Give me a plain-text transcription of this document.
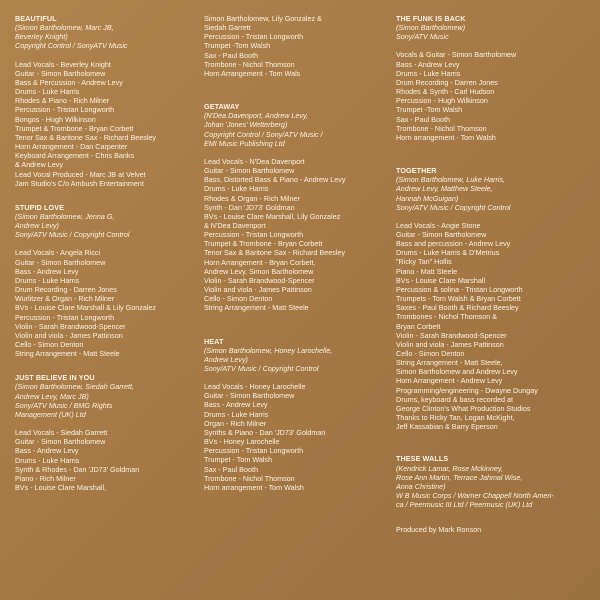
BEAUTIFUL
(Simon Bartholomew, Marc JB,
Beverley Knight)
Copyright Control / SonyATV Music
Lead Vocals - Beverley Knight
Guitar - Simon Bartholomew
Bass & Percussion - Andrew Levy
Drums - Luke Harris
Rhodes & Piano - Rich Milner
Percussion - Tristan Longworth
Bongos - Hugh Wilkinson
Trumpet & Trombone - Bryan Corbett
Tenor Sax & Baritone Sax - Richard Beesley
Horn Arrangement - Dan Carpenter
Keyboard Arrangement - Chris Banks
& Andrew Levy
Lead Vocal Produced - Marc JB at Velvet
Jam Studio's C/o Ambush Entertainment
STUPID LOVE
(Simon Bartholomew, Jenna G,
Andrew Levy)
Sony/ATV Music / Copyright Control
Lead Vocals - Angela Ricci
Guitar - Simon Bartholomew
Bass - Andrew Levy
Drums - Luke Harris
Drum Recording - Darren Jones
Wurlitzer & Organ - Rich Milner
BVs - Louise Clare Marshall & Lily Gonzalez
Percussion - Tristan Longworth
Violin - Sarah Brandwood-Spencer
Violin and viola - James Pattinson
Cello - Simon Denton
String Arrangement - Matt Steele
JUST BELIEVE IN YOU
(Simon Bartholomew, Siedah Garrett,
Andrew Levy, Marc JB)
Sony/ATV Music / BMG Rights
Management (UK) Ltd
Lead Vocals - Siedah Garrett
Guitar - Simon Bartholomew
Bass - Andrew Levy
Drums - Luke Harris
Synth & Rhodes - Dan 'JD73' Goldman
Piano - Rich Milner
BVs - Louise Clare Marshall,
Simon Bartholomew, Lily Gonzalez &
Siedah Garrett
Percussion - Tristan Longworth
Trumpet -Tom Walsh
Sax - Paul Booth
Trombone - Nichol Thomson
Horn Arrangement - Tom Wals
GETAWAY
(N'Dea Davenport, Andrew Levy,
Johan 'Jones' Wetterberg)
Copyright Control / Sony/ATV Music /
EMI Music Publishing Ltd
Lead Vocals - N'Dea Davenport
Guitar - Simon Bartholomew
Bass, Distorted Bass & Piano - Andrew Levy
Drums - Luke Harris
Rhodes & Organ - Rich Milner
Synth - Dan 'JD73' Goldman
BVs - Louise Clare Marshall, Lily Gonzalez
& N'Dea Davenport
Percussion - Tristan Longworth
Trumpet & Trombone - Bryan Corbett
Tenor Sax & Baritone Sax - Richard Beesley
Horn Arrangement - Bryan Corbett,
Andrew Levy, Simon Bartholomew
Violin - Sarah Brandwood-Spencer
Violin and viola - James Pattinson
Cello - Simon Denton
String Arrangement - Matt Steele
HEAT
(Simon Bartholomew, Honey Larochelle,
Andrew Levy)
Sony/ATV Music / Copyright Control
Lead Vocals - Honey Larochelle
Guitar - Simon Bartholomew
Bass - Andrew Levy
Drums - Luke Harris
Organ - Rich Milner
Synths & Piano - Dan 'JD73' Goldman
BVs - Honey Larochelle
Percussion - Tristan Longworth
Trumpet - Tom Walsh
Sax - Paul Booth
Trombone - Nichol Thomson
Horn arrangement - Tom Walsh
THE FUNK IS BACK
(Simon Bartholomew)
Sony/ATV Music
Vocals & Guitar - Simon Bartholomew
Bass - Andrew Levy
Drums - Luke Harris
Drum Recording - Darren Jones
Rhodes & Synth - Carl Hudson
Percussion - Hugh Wilkinson
Trumpet -Tom Walsh
Sax - Paul Booth
Trombone - Nichol Thomson
Horn arrangement - Tom Walsh
TOGETHER
(Simon Bartholomew, Luke Harris,
Andrew Levy, Matthew Steele,
Hannah McGuigan)
Sony/ATV Music / Copyright Control
Lead Vocals - Angie Stone
Guitar - Simon Bartholomew
Bass and percussion - Andrew Levy
Drums - Luke Harris & D'Metrius
"Ricky Tan" Hollis
Piano - Matt Steele
BVs - Louise Clare Marshall
Percussion & solina - Tristan Longworth
Trumpets - Tom Walsh & Bryan Corbett
Saxes - Paul Booth & Richard Beesley
Trombones - Nichol Thomson &
Bryan Corbett
Violin - Sarah Brandwood-Spencer
Violin and viola - James Pattinson
Cello - Simon Denton
String Arrangement - Matt Steele,
Simon Bartholomew and Andrew Levy
Horn Arrangement - Andrew Levy
Programming/engineering - Dwayne Dungay
Drums, keyboard & bass recorded at
George Clinton's What Production Studios
Thanks to Ricky Tan, Logan McKight,
Jeff Kassabian & Barry Eperson
THESE WALLS
(Kendrick Lamar, Rose Mckinney,
Rose Ann Martin, Terrace Jahmal Wise,
Anna Christine)
W B Music Corps / Warner Chappell North Ameri-
ca / Peermusic III Ltd / Peermusic (UK) Ltd
Produced by Mark Ronson
